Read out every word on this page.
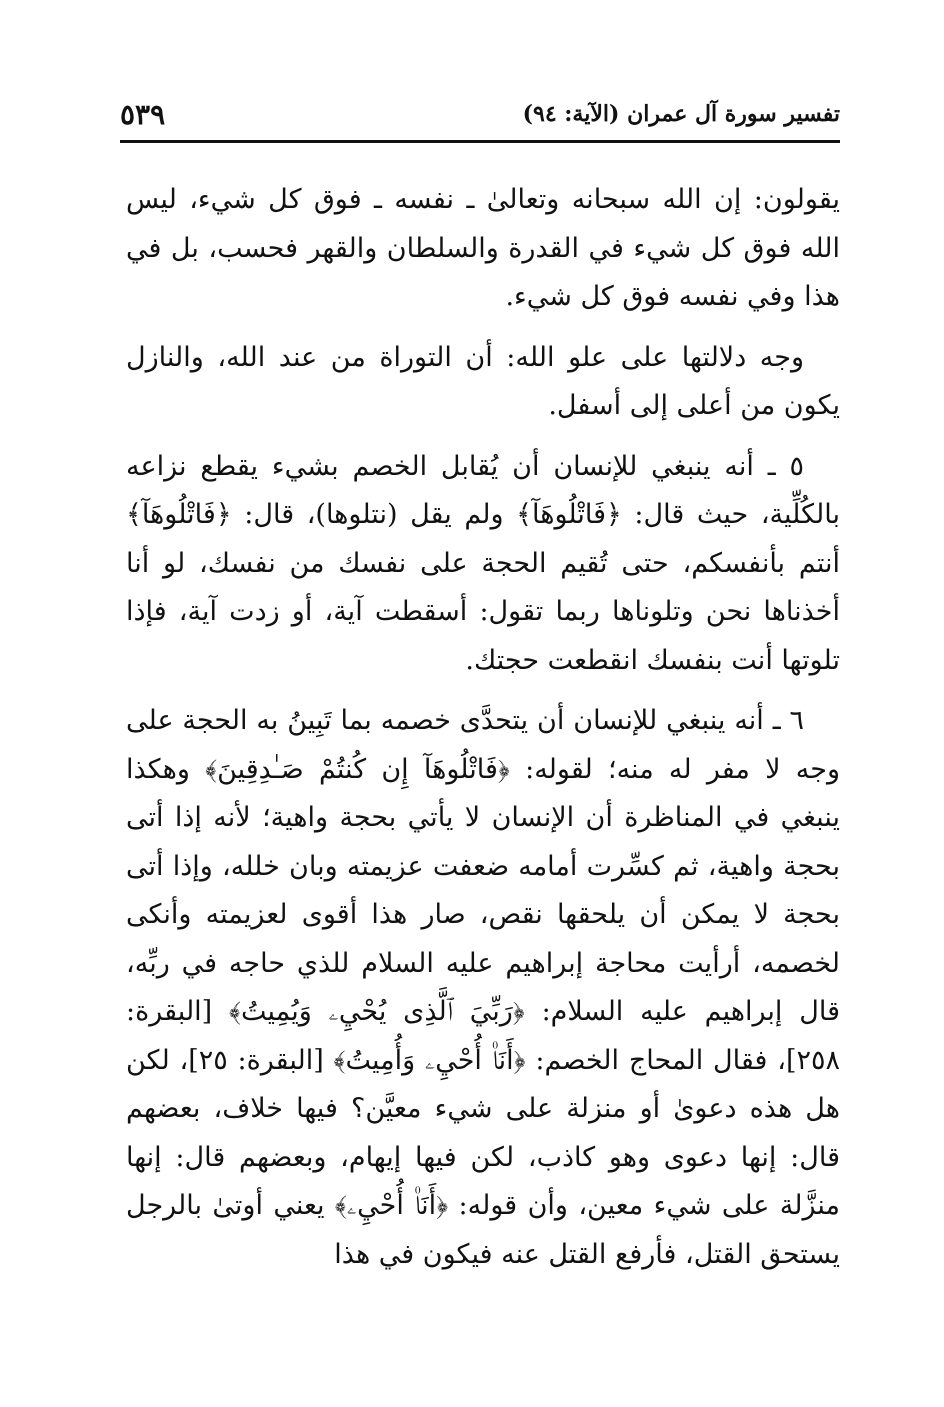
تفسير سورة آل عمران (الآية: ٩٤)
٥٣٩

يقولون: إن الله سبحانه وتعالىٰ ـ نفسه ـ فوق كل شيء، ليس الله فوق كل شيء في القدرة والسلطان والقهر فحسب، بل في هذا وفي نفسه فوق كل شيء.

وجه دلالتها على علو الله: أن التوراة من عند الله، والنازل يكون من أعلى إلى أسفل.

٥ ـ أنه ينبغي للإنسان أن يُقابل الخصم بشيء يقطع نزاعه بالكُلِّية، حيث قال: ﴿فَاتْلُوهَآ﴾ ولم يقل (نتلوها)، قال: ﴿فَاتْلُوهَآ﴾ أنتم بأنفسكم، حتى تُقيم الحجة على نفسك من نفسك، لو أنا أخذناها نحن وتلوناها ربما تقول: أسقطت آية، أو زدت آية، فإذا تلوتها أنت بنفسك انقطعت حجتك.

٦ ـ أنه ينبغي للإنسان أن يتحدَّى خصمه بما تَبِينُ به الحجة على وجه لا مفر له منه؛ لقوله: ﴿فَاتْلُوهَآ إِن كُنتُمْ صَـٰدِقِينَ﴾ وهكذا ينبغي في المناظرة أن الإنسان لا يأتي بحجة واهية؛ لأنه إذا أتى بحجة واهية، ثم كسِّرت أمامه ضعفت عزيمته وبان خلله، وإذا أتى بحجة لا يمكن أن يلحقها نقص، صار هذا أقوى لعزيمته وأنكى لخصمه، أرأيت محاجة إبراهيم عليه السلام للذي حاجه في ربِّه، قال إبراهيم عليه السلام: ﴿رَبِّيَ ٱلَّذِى يُحْيِۦ وَيُمِيتُ﴾ [البقرة: ٢٥٨]، فقال المحاج الخصم: ﴿أَنَا۠ أُحْيِۦ وَأُمِيتُ﴾ [البقرة: ٢٥]، لكن هل هذه دعوىٰ أو منزلة على شيء معيَّن؟ فيها خلاف، بعضهم قال: إنها دعوى وهو كاذب، لكن فيها إيهام، وبعضهم قال: إنها منزَّلة على شيء معين، وأن قوله: ﴿أَنَا۠ أُحْيِۦ﴾ يعني أوتىٰ بالرجل يستحق القتل، فأرفع القتل عنه فيكون في هذا
